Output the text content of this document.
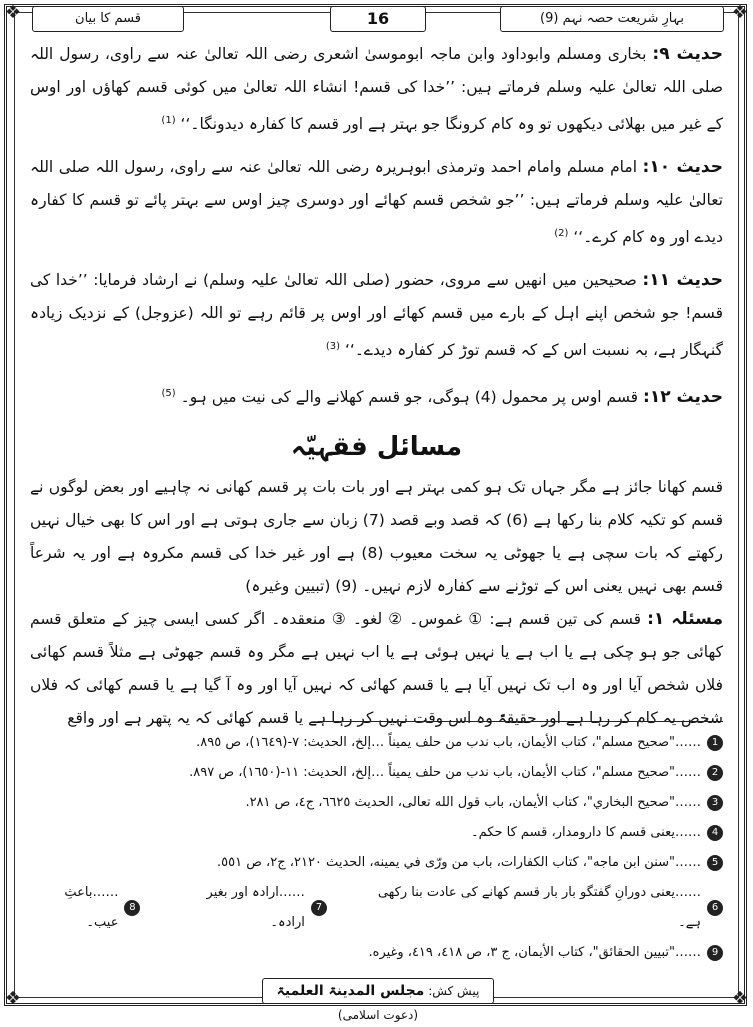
❖	❖
❖	❖
بہارِ شریعت حصہ نہم (9)
16
قسم کا بیان

حدیث ۹: بخاری ومسلم وابوداود وابن ماجہ ابوموسیٰ اشعری رضی اللہ تعالیٰ عنہ سے راوی، رسول اللہ صلی اللہ تعالیٰ علیہ وسلم فرماتے ہیں: ’’خدا کی قسم! انشاء اللہ تعالیٰ میں کوئی قسم کھاؤں اور اوس کے غیر میں بھلائی دیکھوں تو وہ کام کرونگا جو بہتر ہے اور قسم کا کفارہ دیدونگا۔‘‘ $^{(1)}$

حدیث ۱۰: امام مسلم وامام احمد وترمذی ابوہریرہ رضی اللہ تعالیٰ عنہ سے راوی، رسول اللہ صلی اللہ تعالیٰ علیہ وسلم فرماتے ہیں: ’’جو شخص قسم کھائے اور دوسری چیز اوس سے بہتر پائے تو قسم کا کفارہ دیدے اور وہ کام کرے۔‘‘ $^{(2)}$

حدیث ۱۱: صحیحین میں انھیں سے مروی، حضور (صلی اللہ تعالیٰ علیہ وسلم) نے ارشاد فرمایا: ’’خدا کی قسم! جو شخص اپنے اہل کے بارے میں قسم کھائے اور اوس پر قائم رہے تو اللہ (عزوجل) کے نزدیک زیادہ گنہگار ہے، بہ نسبت اس کے کہ قسم توڑ کر کفارہ دیدے۔‘‘ $^{(3)}$

حدیث ۱۲: قسم اوس پر محمول (4) ہوگی، جو قسم کھلانے والے کی نیت میں ہو۔ $^{(5)}$

مسائل فقہیّہ

قسم کھانا جائز ہے مگر جہاں تک ہو کمی بہتر ہے اور بات بات پر قسم کھانی نہ چاہیے اور بعض لوگوں نے قسم کو تکیہ کلام بنا رکھا ہے (6) کہ قصد وبے قصد (7) زبان سے جاری ہوتی ہے اور اس کا بھی خیال نہیں رکھتے کہ بات سچی ہے یا جھوٹی یہ سخت معیوب (8) ہے اور غیر خدا کی قسم مکروہ ہے اور یہ شرعاً قسم بھی نہیں یعنی اس کے توڑنے سے کفارہ لازم نہیں۔ (9) (تبیین وغیرہ)

مسئلہ ۱: قسم کی تین قسم ہے: ① غموس۔ ② لغو۔ ③ منعقدہ۔ اگر کسی ایسی چیز کے متعلق قسم کھائی جو ہو چکی ہے یا اب ہے یا نہیں ہوئی ہے یا اب نہیں ہے مگر وہ قسم جھوٹی ہے مثلاً قسم کھائی فلاں شخص آیا اور وہ اب تک نہیں آیا ہے یا قسم کھائی کہ نہیں آیا اور وہ آ گیا ہے یا قسم کھائی کہ فلاں شخص یہ کام کر رہا ہے اور حقیقۃً وہ اس وقت نہیں کر رہا ہے یا قسم کھائی کہ یہ پتھر ہے اور واقع

1
……"صحيح مسلم"، كتاب الأيمان، باب ندب من حلف يميناً …إلخ، الحديث: ٧-(١٦٤٩)، ص ٨٩٥.
2
……"صحيح مسلم"، كتاب الأيمان، باب ندب من حلف يميناً …إلخ، الحديث: ١١-(١٦٥٠)، ص ٨٩٧.
3
……"صحيح البخاري"، كتاب الأيمان، باب قول الله تعالى، الحديث ٦٦٢٥، ج٤، ص ٢٨١.
4
……یعنی قسم کا دارومدار، قسم کا حکم۔
5
……"سنن ابن ماجه"، كتاب الكفارات، باب من ورّى في يمينه، الحديث ٢١٢٠، ج٢، ص ٥٥١.
6
……یعنی دورانِ گفتگو بار بار قسم کھانے کی عادت بنا رکھی ہے۔
7
……ارادہ اور بغیر ارادہ۔
8
……باعثِ عیب۔
9
……"تبيين الحقائق"، كتاب الأيمان، ج ٣، ص ٤١٨، ٤١٩، وغيره.
پیش کش: مجلس المدینۃ العلمیۃ (دعوت اسلامی)
